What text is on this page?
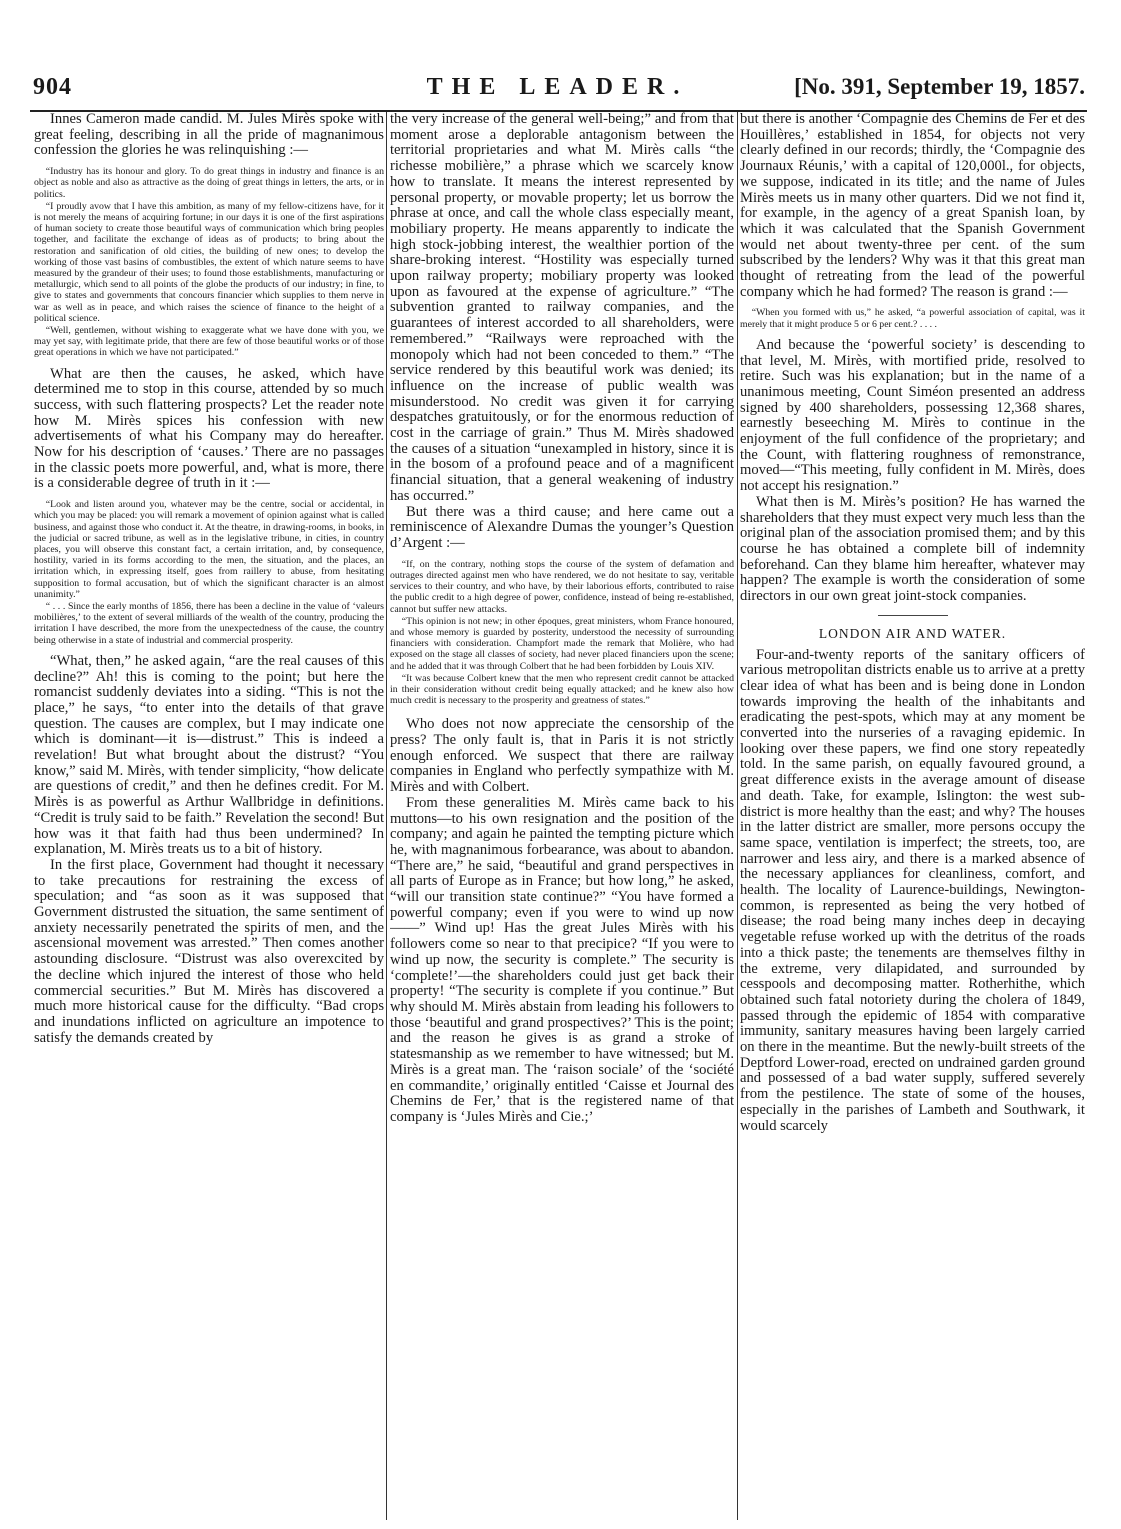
904	THE LEADER.	[No. 391, September 19, 1857.

Innes Cameron made candid. M. Jules Mirès spoke with great feeling, describing in all the pride of magnanimous confession the glories he was relinquishing :—

“Industry has its honour and glory. To do great things in industry and finance is an object as noble and also as attractive as the doing of great things in letters, the arts, or in politics.

“I proudly avow that I have this ambition, as many of my fellow-citizens have, for it is not merely the means of acquiring fortune; in our days it is one of the first aspirations of human society to create those beautiful ways of communication which bring peoples together, and facilitate the exchange of ideas as of products; to bring about the restoration and sanification of old cities, the building of new ones; to develop the working of those vast basins of combustibles, the extent of which nature seems to have measured by the grandeur of their uses; to found those establishments, manufacturing or metallurgic, which send to all points of the globe the products of our industry; in fine, to give to states and governments that concours financier which supplies to them nerve in war as well as in peace, and which raises the science of finance to the height of a political science.

“Well, gentlemen, without wishing to exaggerate what we have done with you, we may yet say, with legitimate pride, that there are few of those beautiful works or of those great operations in which we have not participated.”

What are then the causes, he asked, which have determined me to stop in this course, attended by so much success, with such flattering prospects? Let the reader note how M. Mirès spices his confession with new advertisements of what his Company may do hereafter. Now for his description of ‘causes.’ There are no passages in the classic poets more powerful, and, what is more, there is a considerable degree of truth in it :—

“Look and listen around you, whatever may be the centre, social or accidental, in which you may be placed: you will remark a movement of opinion against what is called business, and against those who conduct it. At the theatre, in drawing-rooms, in books, in the judicial or sacred tribune, as well as in the legislative tribune, in cities, in country places, you will observe this constant fact, a certain irritation, and, by consequence, hostility, varied in its forms according to the men, the situation, and the places, an irritation which, in expressing itself, goes from raillery to abuse, from hesitating supposition to formal accusation, but of which the significant character is an almost unanimity.”

“ . . . Since the early months of 1856, there has been a decline in the value of ‘valeurs mobilières,’ to the extent of several milliards of the wealth of the country, producing the irritation I have described, the more from the unexpectedness of the cause, the country being otherwise in a state of industrial and commercial prosperity.

“What, then,” he asked again, “are the real causes of this decline?” Ah! this is coming to the point; but here the romancist suddenly deviates into a siding. “This is not the place,” he says, “to enter into the details of that grave question. The causes are complex, but I may indicate one which is dominant—it is—distrust.” This is indeed a revelation! But what brought about the distrust? “You know,” said M. Mirès, with tender simplicity, “how delicate are questions of credit,” and then he defines credit. For M. Mirès is as powerful as Arthur Wallbridge in definitions. “Credit is truly said to be faith.” Revelation the second! But how was it that faith had thus been undermined? In explanation, M. Mirès treats us to a bit of history.

In the first place, Government had thought it necessary to take precautions for restraining the excess of speculation; and “as soon as it was supposed that Government distrusted the situation, the same sentiment of anxiety necessarily penetrated the spirits of men, and the ascensional movement was arrested.” Then comes another astounding disclosure. “Distrust was also overexcited by the decline which injured the interest of those who held commercial securities.” But M. Mirès has discovered a much more historical cause for the difficulty. “Bad crops and inundations inflicted on agriculture an impotence to satisfy the demands created by

the very increase of the general well-being;” and from that moment arose a deplorable antagonism between the territorial proprietaries and what M. Mirès calls “the richesse mobilière,” a phrase which we scarcely know how to translate. It means the interest represented by personal property, or movable property; let us borrow the phrase at once, and call the whole class especially meant, mobiliary property. He means apparently to indicate the high stock-jobbing interest, the wealthier portion of the share-broking interest. “Hostility was especially turned upon railway property; mobiliary property was looked upon as favoured at the expense of agriculture.” “The subvention granted to railway companies, and the guarantees of interest accorded to all shareholders, were remembered.” “Railways were reproached with the monopoly which had not been conceded to them.” “The service rendered by this beautiful work was denied; its influence on the increase of public wealth was misunderstood. No credit was given it for carrying despatches gratuitously, or for the enormous reduction of cost in the carriage of grain.” Thus M. Mirès shadowed the causes of a situation “unexampled in history, since it is in the bosom of a profound peace and of a magnificent financial situation, that a general weakening of industry has occurred.”

But there was a third cause; and here came out a reminiscence of Alexandre Dumas the younger’s Question d’Argent :—

“If, on the contrary, nothing stops the course of the system of defamation and outrages directed against men who have rendered, we do not hesitate to say, veritable services to their country, and who have, by their laborious efforts, contributed to raise the public credit to a high degree of power, confidence, instead of being re-established, cannot but suffer new attacks.

“This opinion is not new; in other époques, great ministers, whom France honoured, and whose memory is guarded by posterity, understood the necessity of surrounding financiers with consideration. Champfort made the remark that Molière, who had exposed on the stage all classes of society, had never placed financiers upon the scene; and he added that it was through Colbert that he had been forbidden by Louis XIV.

“It was because Colbert knew that the men who represent credit cannot be attacked in their consideration without credit being equally attacked; and he knew also how much credit is necessary to the prosperity and greatness of states.”

Who does not now appreciate the censorship of the press? The only fault is, that in Paris it is not strictly enough enforced. We suspect that there are railway companies in England who perfectly sympathize with M. Mirès and with Colbert.

From these generalities M. Mirès came back to his muttons—to his own resignation and the position of the company; and again he painted the tempting picture which he, with magnanimous forbearance, was about to abandon. “There are,” he said, “beautiful and grand perspectives in all parts of Europe as in France; but how long,” he asked, “will our transition state continue?” “You have formed a powerful company; even if you were to wind up now——” Wind up! Has the great Jules Mirès with his followers come so near to that precipice? “If you were to wind up now, the security is complete.” The security is ‘complete!’—the shareholders could just get back their property! “The security is complete if you continue.” But why should M. Mirès abstain from leading his followers to those ‘beautiful and grand prospectives?’ This is the point; and the reason he gives is as grand a stroke of statesmanship as we remember to have witnessed; but M. Mirès is a great man. The ‘raison sociale’ of the ‘société en commandite,’ originally entitled ‘Caisse et Journal des Chemins de Fer,’ that is the registered name of that company is ‘Jules Mirès and Cie.;’

but there is another ‘Compagnie des Chemins de Fer et des Houillères,’ established in 1854, for objects not very clearly defined in our records; thirdly, the ‘Compagnie des Journaux Réunis,’ with a capital of 120,000l., for objects, we suppose, indicated in its title; and the name of Jules Mirès meets us in many other quarters. Did we not find it, for example, in the agency of a great Spanish loan, by which it was calculated that the Spanish Government would net about twenty-three per cent. of the sum subscribed by the lenders? Why was it that this great man thought of retreating from the lead of the powerful company which he had formed? The reason is grand :—

“When you formed with us,” he asked, “a powerful association of capital, was it merely that it might produce 5 or 6 per cent.? . . . .

And because the ‘powerful society’ is descending to that level, M. Mirès, with mortified pride, resolved to retire. Such was his explanation; but in the name of a unanimous meeting, Count Siméon presented an address signed by 400 shareholders, possessing 12,368 shares, earnestly beseeching M. Mirès to continue in the enjoyment of the full confidence of the proprietary; and the Count, with flattering roughness of remonstrance, moved—“This meeting, fully confident in M. Mirès, does not accept his resignation.”

What then is M. Mirès’s position? He has warned the shareholders that they must expect very much less than the original plan of the association promised them; and by this course he has obtained a complete bill of indemnity beforehand. Can they blame him hereafter, whatever may happen? The example is worth the consideration of some directors in our own great joint-stock companies.

LONDON AIR AND WATER.

Four-and-twenty reports of the sanitary officers of various metropolitan districts enable us to arrive at a pretty clear idea of what has been and is being done in London towards improving the health of the inhabitants and eradicating the pest-spots, which may at any moment be converted into the nurseries of a ravaging epidemic. In looking over these papers, we find one story repeatedly told. In the same parish, on equally favoured ground, a great difference exists in the average amount of disease and death. Take, for example, Islington: the west sub-district is more healthy than the east; and why? The houses in the latter district are smaller, more persons occupy the same space, ventilation is imperfect; the streets, too, are narrower and less airy, and there is a marked absence of the necessary appliances for cleanliness, comfort, and health. The locality of Laurence-buildings, Newington-common, is represented as being the very hotbed of disease; the road being many inches deep in decaying vegetable refuse worked up with the detritus of the roads into a thick paste; the tenements are themselves filthy in the extreme, very dilapidated, and surrounded by cesspools and decomposing matter. Rotherhithe, which obtained such fatal notoriety during the cholera of 1849, passed through the epidemic of 1854 with comparative immunity, sanitary measures having been largely carried on there in the meantime. But the newly-built streets of the Deptford Lower-road, erected on undrained garden ground and possessed of a bad water supply, suffered severely from the pestilence. The state of some of the houses, especially in the parishes of Lambeth and Southwark, it would scarcely
